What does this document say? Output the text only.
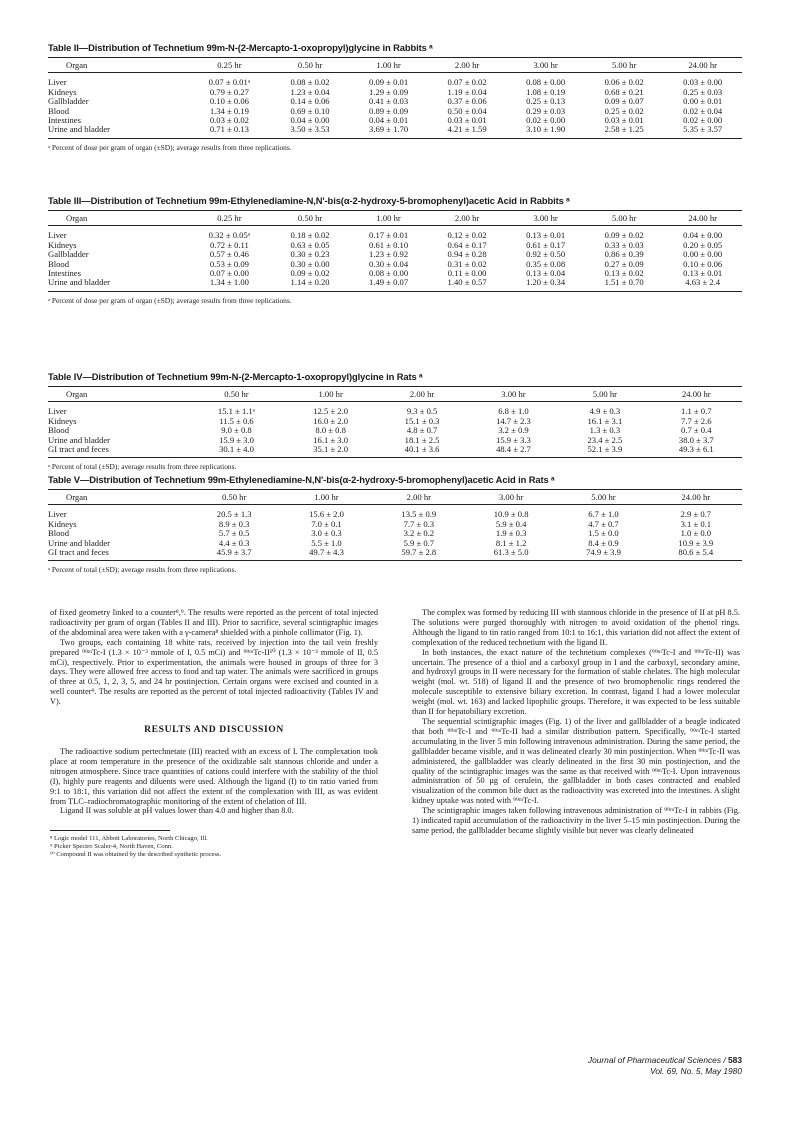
Table II—Distribution of Technetium 99m-N-(2-Mercapto-1-oxopropyl)glycine in Rabbits ᵃ
Organ	0.25 hr	0.50 hr	1.00 hr	2.00 hr	3.00 hr	5.00 hr	24.00 hr
Liver	0.07 ± 0.01ᵃ	0.08 ± 0.02	0.09 ± 0.01	0.07 ± 0.02	0.08 ± 0.00	0.06 ± 0.02	0.03 ± 0.00
Kidneys	0.79 ± 0.27	1.23 ± 0.04	1.29 ± 0.09	1.19 ± 0.04	1.08 ± 0.19	0.68 ± 0.21	0.25 ± 0.03
Gallbladder	0.10 ± 0.06	0.14 ± 0.06	0.41 ± 0.03	0.37 ± 0.06	0.25 ± 0.13	0.09 ± 0.07	0.00 ± 0.01
Blood	1.34 ± 0.19	0.69 ± 0.10	0.89 ± 0.09	0.50 ± 0.04	0.29 ± 0.03	0.25 ± 0.02	0.02 ± 0.04
Intestines	0.03 ± 0.02	0.04 ± 0.00	0.04 ± 0.01	0.03 ± 0.01	0.02 ± 0.00	0.03 ± 0.01	0.02 ± 0.00
Urine and bladder	0.71 ± 0.13	3.50 ± 3.53	3.69 ± 1.70	4.21 ± 1.59	3.10 ± 1.90	2.58 ± 1.25	5.35 ± 3.57
ᵃ Percent of dose per gram of organ (±SD); average results from three replications.
Table III—Distribution of Technetium 99m-Ethylenediamine-N,N'-bis(α-2-hydroxy-5-bromophenyl)acetic Acid in Rabbits ᵃ
Organ	0.25 hr	0.50 hr	1.00 hr	2.00 hr	3.00 hr	5.00 hr	24.00 hr
Liver	0.32 ± 0.05ᵃ	0.18 ± 0.02	0.17 ± 0.01	0.12 ± 0.02	0.13 ± 0.01	0.09 ± 0.02	0.04 ± 0.00
Kidneys	0.72 ± 0.11	0.63 ± 0.05	0.61 ± 0.10	0.64 ± 0.17	0.61 ± 0.17	0.33 ± 0.03	0.20 ± 0.05
Gallbladder	0.57 ± 0.46	0.30 ± 0.23	1.23 ± 0.92	0.94 ± 0.28	0.92 ± 0.50	0.86 ± 0.39	0.00 ± 0.00
Blood	0.53 ± 0.09	0.30 ± 0.00	0.30 ± 0.04	0.31 ± 0.02	0.35 ± 0.08	0.27 ± 0.09	0.10 ± 0.06
Intestines	0.07 ± 0.00	0.09 ± 0.02	0.08 ± 0.00	0.11 ± 0.00	0.13 ± 0.04	0.13 ± 0.02	0.13 ± 0.01
Urine and bladder	1.34 ± 1.00	1.14 ± 0.20	1.49 ± 0.07	1.40 ± 0.57	1.20 ± 0.34	1.51 ± 0.70	4.63 ± 2.4
ᵃ Percent of dose per gram of organ (±SD); average results from three replications.
Table IV—Distribution of Technetium 99m-N-(2-Mercapto-1-oxopropyl)glycine in Rats ᵃ
Organ	0.50 hr	1.00 hr	2.00 hr	3.00 hr	5.00 hr	24.00 hr
Liver	15.1 ± 1.1ᵃ	12.5 ± 2.0	9.3 ± 0.5	6.8 ± 1.0	4.9 ± 0.3	1.1 ± 0.7
Kidneys	11.5 ± 0.6	16.0 ± 2.0	15.1 ± 0.3	14.7 ± 2.3	16.1 ± 3.1	7.7 ± 2.6
Blood	9.0 ± 0.8	8.0 ± 0.8	4.8 ± 0.7	3.2 ± 0.9	1.3 ± 0.3	0.7 ± 0.4
Urine and bladder	15.9 ± 3.0	16.1 ± 3.0	18.1 ± 2.5	15.9 ± 3.3	23.4 ± 2.5	38.0 ± 3.7
GI tract and feces	30.1 ± 4.0	35.1 ± 2.0	40.1 ± 3.6	48.4 ± 2.7	52.1 ± 3.9	49.3 ± 6.1
ᵃ Percent of total (±SD); average results from three replications.
Table V—Distribution of Technetium 99m-Ethylenediamine-N,N'-bis(α-2-hydroxy-5-bromophenyl)acetic Acid in Rats ᵃ
Organ	0.50 hr	1.00 hr	2.00 hr	3.00 hr	5.00 hr	24.00 hr
Liver	20.5 ± 1.3	15.6 ± 2.0	13.5 ± 0.9	10.9 ± 0.8	6.7 ± 1.0	2.9 ± 0.7
Kidneys	8.9 ± 0.3	7.0 ± 0.1	7.7 ± 0.3	5.9 ± 0.4	4.7 ± 0.7	3.1 ± 0.1
Blood	5.7 ± 0.5	3.0 ± 0.3	3.2 ± 0.2	1.9 ± 0.3	1.5 ± 0.0	1.0 ± 0.0
Urine and bladder	4.4 ± 0.3	5.5 ± 1.0	5.9 ± 0.7	8.1 ± 1.2	8.4 ± 0.9	10.9 ± 3.9
GI tract and feces	45.9 ± 3.7	49.7 ± 4.3	59.7 ± 2.8	61.3 ± 5.0	74.9 ± 3.9	80.6 ± 5.4
ᵃ Percent of total (±SD); average results from three replications.

of fixed geometry linked to a counter⁸,⁹. The results were reported as the percent of total injected radioactivity per gram of organ (Tables II and III). Prior to sacrifice, several scintigraphic images of the abdominal area were taken with a γ-camera⁸ shielded with a pinhole collimator (Fig. 1).

Two groups, each containing 18 white rats, received by injection into the tail vein freshly prepared ⁹⁹ᵐTc-I (1.3 × 10⁻³ mmole of I, 0.5 mCi) and ⁹⁹ᵐTc-II¹⁰ (1.3 × 10⁻³ mmole of II, 0.5 mCi), respectively. Prior to experimentation, the animals were housed in groups of three for 3 days. They were allowed free access to food and tap water. The animals were sacrificed in groups of three at 0.5, 1, 2, 3, 5, and 24 hr postinjection. Certain organs were excised and counted in a well counter⁹. The results are reported as the percent of total injected radioactivity (Tables IV and V).

RESULTS AND DISCUSSION

The radioactive sodium pertechnetate (III) reacted with an excess of I. The complexation took place at room temperature in the presence of the oxidizable salt stannous chloride and under a nitrogen atmosphere. Since trace quantities of cations could interfere with the stability of the thiol (I), highly pure reagents and diluents were used. Although the ligand (I) to tin ratio varied from 9:1 to 18:1, this variation did not affect the extent of the complexation with III, as was evident from TLC–radiochromatographic monitoring of the extent of chelation of III.

Ligand II was soluble at pH values lower than 4.0 and higher than 8.0.

⁸ Logic model 111, Abbott Laboratories, North Chicago, Ill.
⁹ Picker Spectro Scaler-4, North Haven, Conn.
¹⁰ Compound II was obtained by the described synthetic process.

The complex was formed by reducing III with stannous chloride in the presence of II at pH 8.5. The solutions were purged thoroughly with nitrogen to avoid oxidation of the phenol rings. Although the ligand to tin ratio ranged from 10:1 to 16:1, this variation did not affect the extent of complexation of the reduced technetium with the ligand II.

In both instances, the exact nature of the technetium complexes (⁹⁹ᵐTc-I and ⁹⁹ᵐTc-II) was uncertain. The presence of a thiol and a carboxyl group in I and the carboxyl, secondary amine, and hydroxyl groups in II were necessary for the formation of stable chelates. The high molecular weight (mol. wt. 518) of ligand II and the presence of two bromophenolic rings rendered the molecule susceptible to extensive biliary excretion. In contrast, ligand I had a lower molecular weight (mol. wt. 163) and lacked lipophilic groups. Therefore, it was expected to be less suitable than II for hepatobiliary excretion.

The sequential scintigraphic images (Fig. 1) of the liver and gallbladder of a beagle indicated that both ⁹⁹ᵐTc-I and ⁹⁹ᵐTc-II had a similar distribution pattern. Specifically, ⁹⁹ᵐTc-I started accumulating in the liver 5 min following intravenous administration. During the same period, the gallbladder became visible, and it was delineated clearly 30 min postinjection. When ⁹⁹ᵐTc-II was administered, the gallbladder was clearly delineated in the first 30 min postinjection, and the quality of the scintigraphic images was the same as that received with ⁹⁹ᵐTc-I. Upon intravenous administration of 50 μg of cerulein, the gallbladder in both cases contracted and enabled visualization of the common bile duct as the radioactivity was excreted into the intestines. A slight kidney uptake was noted with ⁹⁹ᵐTc-I.

The scintigraphic images taken following intravenous administration of ⁹⁹ᵐTc-I in rabbits (Fig. 1) indicated rapid accumulation of the radioactivity in the liver 5–15 min postinjection. During the same period, the gallbladder became slightly visible but never was clearly delineated

Journal of Pharmaceutical Sciences / 583
Vol. 69, No. 5, May 1980
